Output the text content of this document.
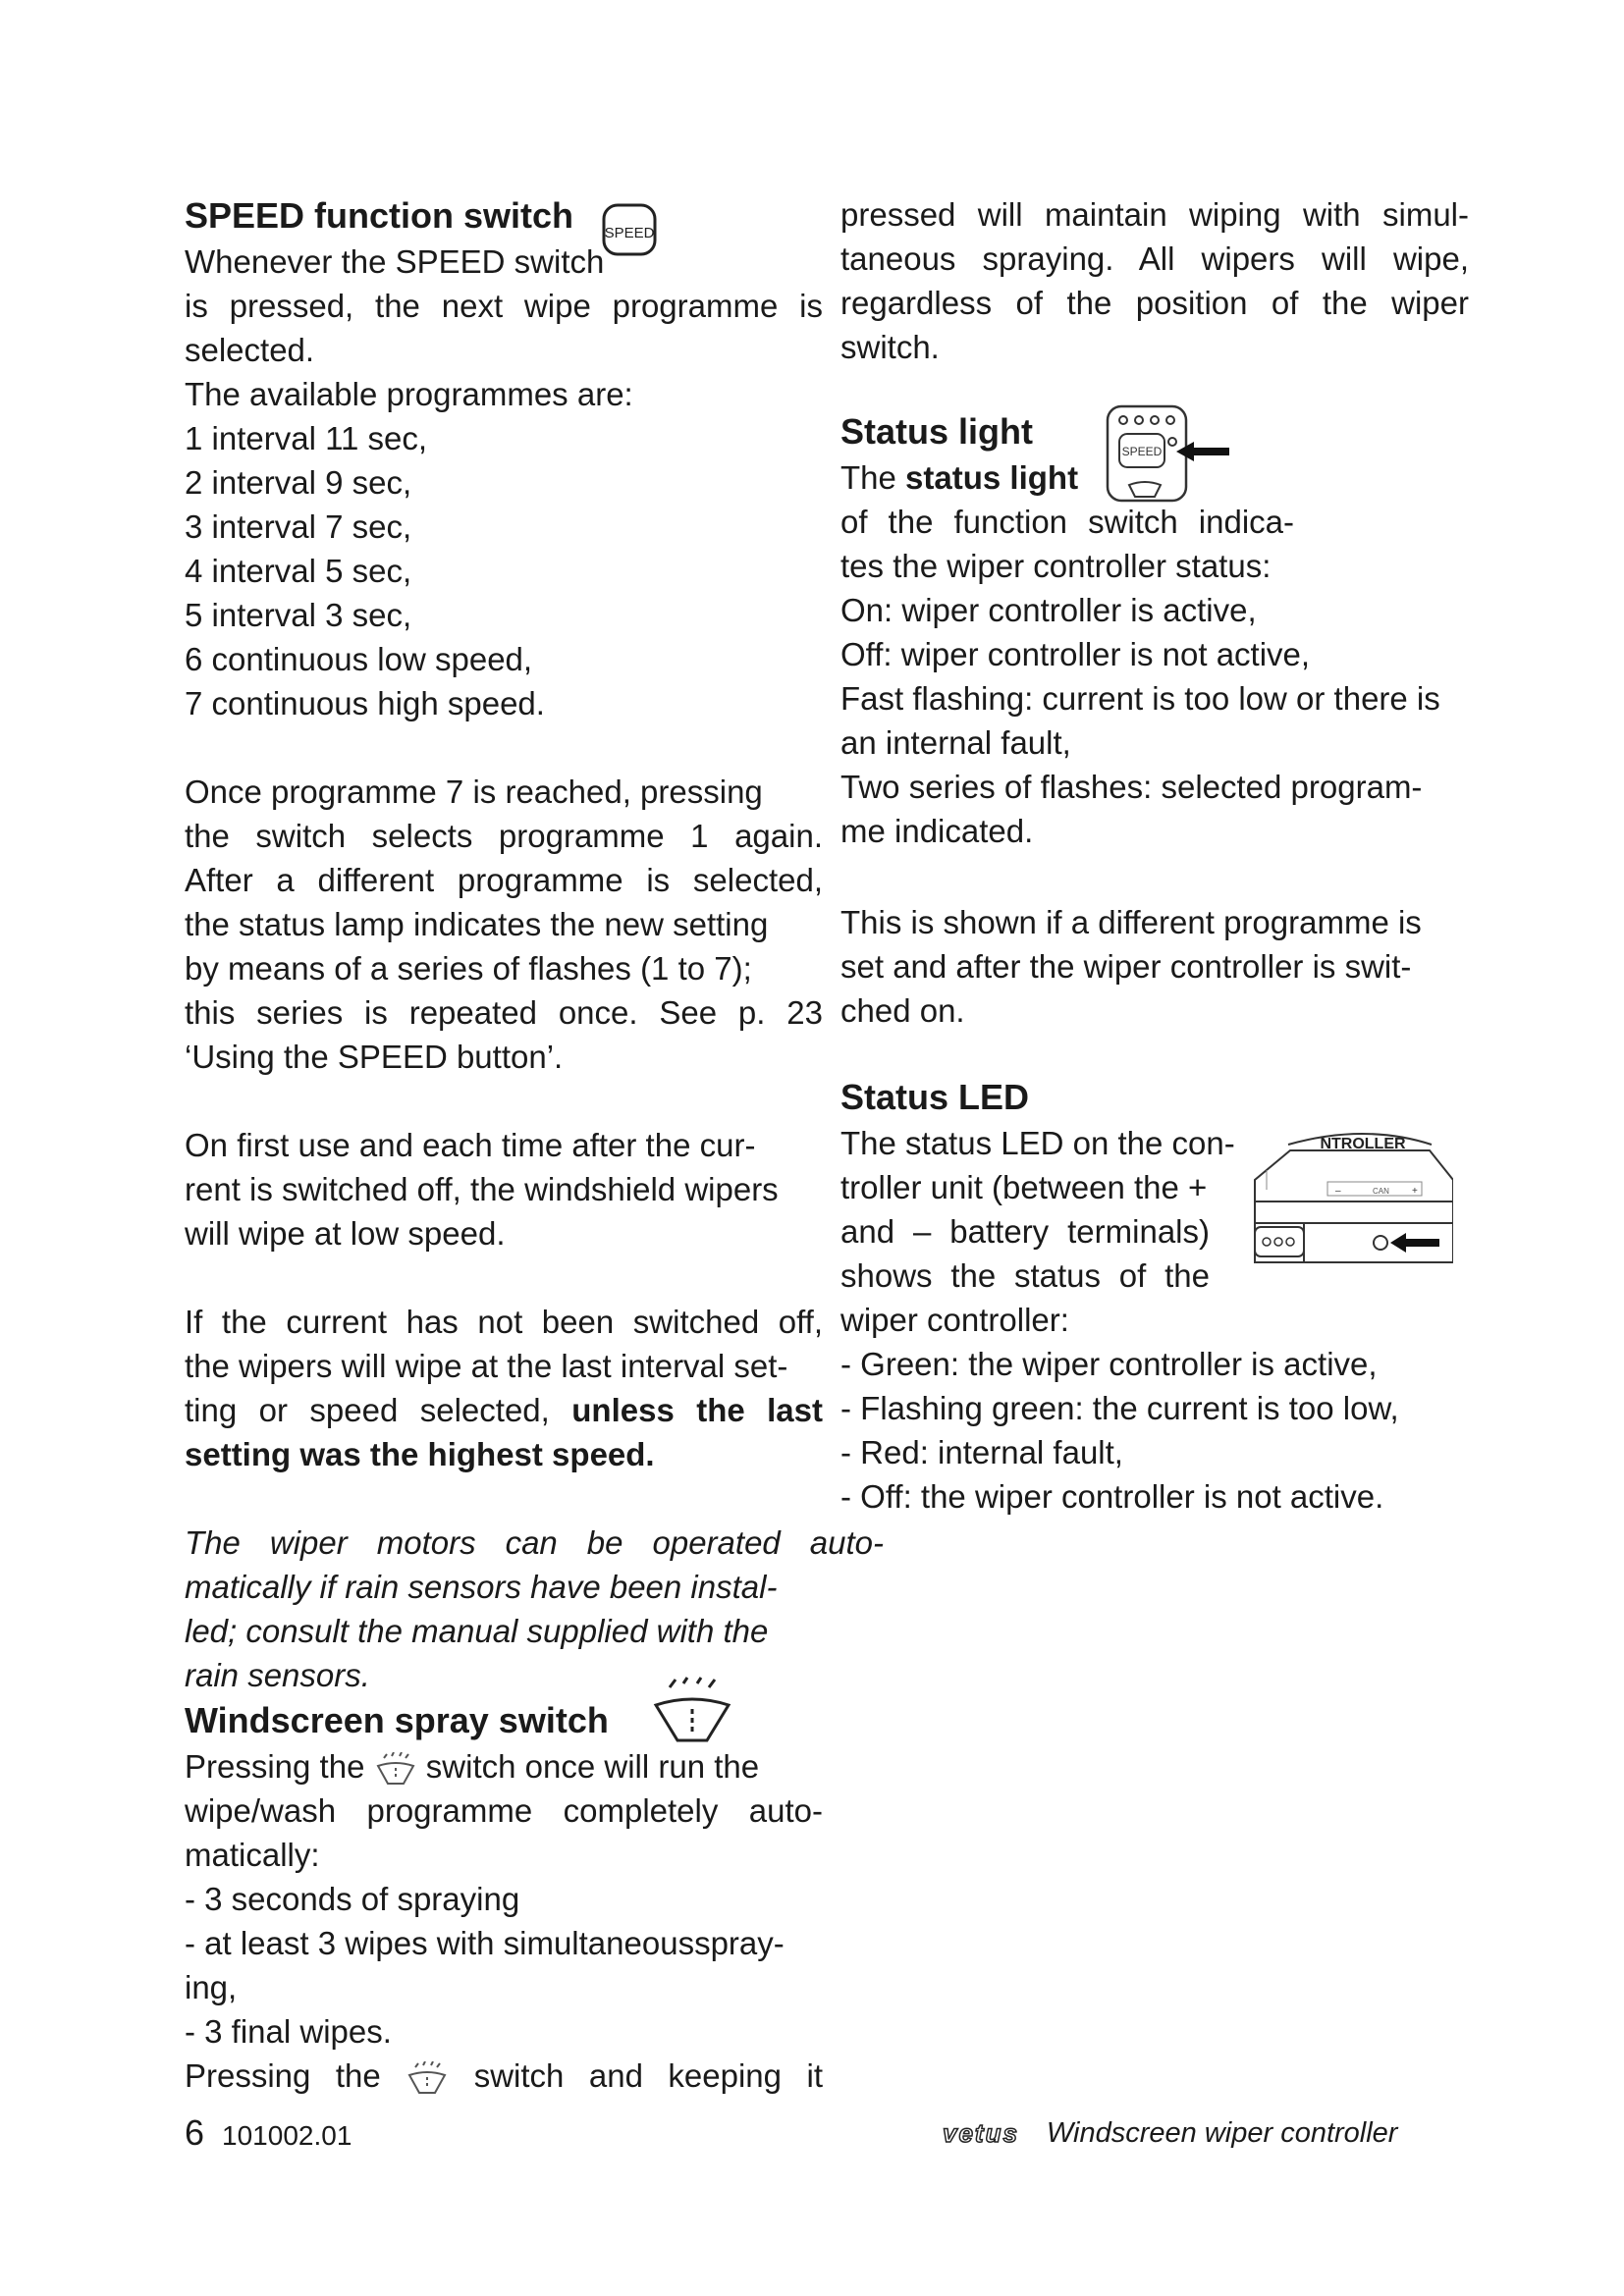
SPEED function switch	SPEED
Whenever the SPEED switch
is pressed, the next wipe programme is
selected.
The available programmes are:
1 interval 11 sec,
2 interval 9 sec,
3 interval 7 sec,
4 interval 5 sec,
5 interval 3 sec,
6 continuous low speed,
7 continuous high speed.
Once programme 7 is reached, pressing
the switch selects programme 1 again.
After a different programme is selected,
the status lamp indicates the new setting
by means of a series of flashes (1 to 7);
this series is repeated once. See p. 23
‘Using the SPEED button’.
On first use and each time after the cur-
rent is switched off, the windshield wipers
will wipe at low speed.
If the current has not been switched off,
the wipers will wipe at the last interval set-
ting or speed selected, unless the last
setting was the highest speed.
The wiper motors can be operated auto-
matically if rain sensors have been instal-
led; consult the manual supplied with the
rain sensors.
Windscreen spray switch
Pressing the  switch once will run the
wipe/wash programme completely auto-
matically:
- 3 seconds of spraying
- at least 3 wipes with simultaneousspray-
ing,
- 3 final wipes.
Pressing the  switch and keeping it
pressed will maintain wiping with simul-
taneous spraying. All wipers will wipe,
regardless of the position of the wiper
switch.
Status light	SPEED
The status light
of the function switch indica-
tes the wiper controller status:
On: wiper controller is active,
Off: wiper controller is not active,
Fast flashing: current is too low or there is
an internal fault,
Two series of flashes: selected program-
me indicated.
This is shown if a different programme is
set and after the wiper controller is swit-
ched on.
Status LED
NTROLLER
–	CAN +
The status LED on the con-
troller unit (between the +
and – battery terminals)
shows the status of the
wiper controller:
- Green: the wiper controller is active,
- Flashing green: the current is too low,
- Red: internal fault,
- Off: the wiper controller is not active.
6 101002.01	vetus Windscreen wiper controller
